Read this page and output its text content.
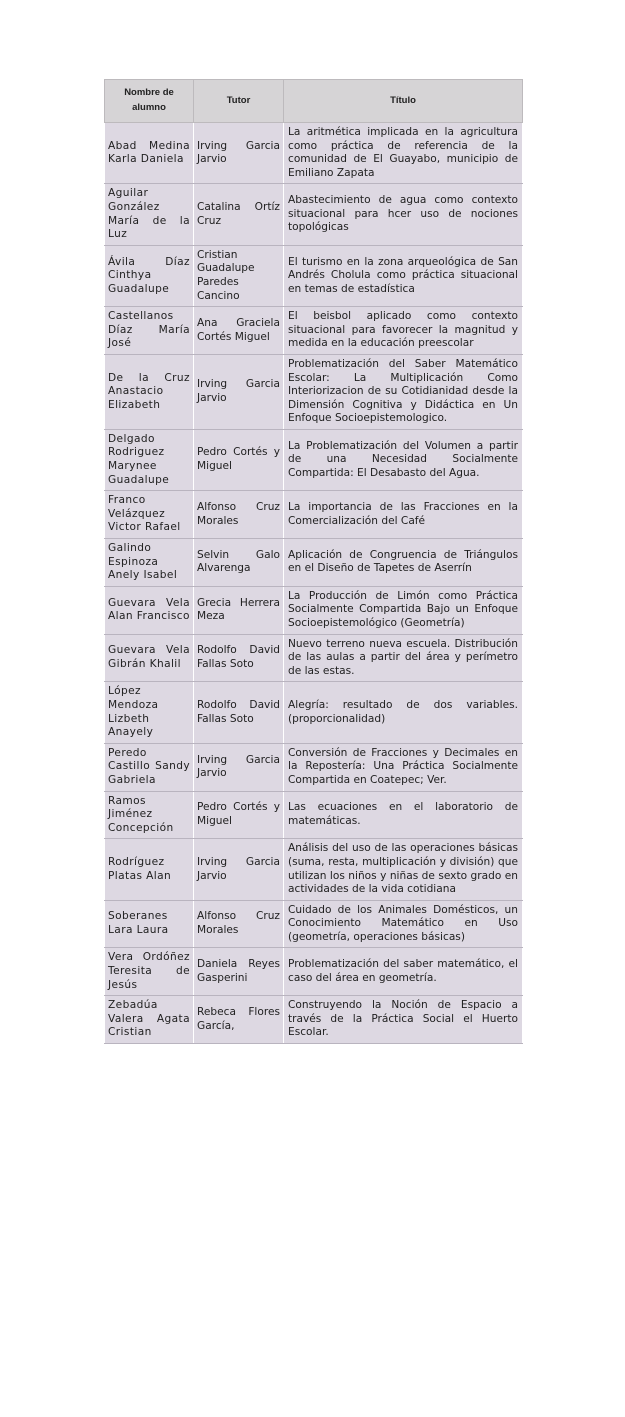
Nombre de alumno	Tutor	Título
Abad Medina Karla Daniela	Irving Garcia Jarvio	La aritmética implicada en la agricultura como práctica de referencia de la comunidad de El Guayabo, municipio de Emiliano Zapata
Aguilar González María de la Luz	Catalina Ortíz Cruz	Abastecimiento de agua como contexto situacional para hcer uso de nociones topológicas
Ávila Díaz Cinthya Guadalupe	Cristian Guadalupe Paredes Cancino	El turismo en la zona arqueológica de San Andrés Cholula como práctica situacional en temas de estadística
Castellanos Díaz María José	Ana Graciela Cortés Miguel	El beisbol aplicado como contexto situacional para favorecer la magnitud y medida en la educación preescolar
De la Cruz Anastacio Elizabeth	Irving Garcia Jarvio	Problematización del Saber Matemático Escolar: La Multiplicación Como Interiorizacion de su Cotidianidad desde la Dimensión Cognitiva y Didáctica en Un Enfoque Socioepistemologico.
Delgado Rodriguez Marynee Guadalupe	Pedro Cortés y Miguel	La Problematización del Volumen a partir de una Necesidad Socialmente Compartida: El Desabasto del Agua.
Franco Velázquez Victor Rafael	Alfonso Cruz Morales	La importancia de las Fracciones en la Comercialización del Café
Galindo Espinoza Anely Isabel	Selvin Galo Alvarenga	Aplicación de Congruencia de Triángulos en el Diseño de Tapetes de Aserrín
Guevara Vela Alan Francisco	Grecia Herrera Meza	La Producción de Limón como Práctica Socialmente Compartida Bajo un Enfoque Socioepistemológico (Geometría)
Guevara Vela Gibrán Khalil	Rodolfo David Fallas Soto	Nuevo terreno nueva escuela. Distribución de las aulas a partir del área y perímetro de las estas.
López Mendoza Lizbeth Anayely	Rodolfo David Fallas Soto	Alegría: resultado de dos variables. (proporcionalidad)
Peredo Castillo Sandy Gabriela	Irving Garcia Jarvio	Conversión de Fracciones y Decimales en la Repostería: Una Práctica Socialmente Compartida en Coatepec; Ver.
Ramos Jiménez Concepción	Pedro Cortés y Miguel	Las ecuaciones en el laboratorio de matemáticas.
Rodríguez Platas Alan	Irving Garcia Jarvio	Análisis del uso de las operaciones básicas (suma, resta, multiplicación y división) que utilizan los niños y niñas de sexto grado en actividades de la vida cotidiana
Soberanes Lara Laura	Alfonso Cruz Morales	Cuidado de los Animales Domésticos, un Conocimiento Matemático en Uso (geometría, operaciones básicas)
Vera Ordóñez Teresita de Jesús	Daniela Reyes Gasperini	Problematización del saber matemático, el caso del área en geometría.
Zebadúa Valera Agata Cristian	Rebeca Flores García,	Construyendo la Noción de Espacio a través de la Práctica Social el Huerto Escolar.
